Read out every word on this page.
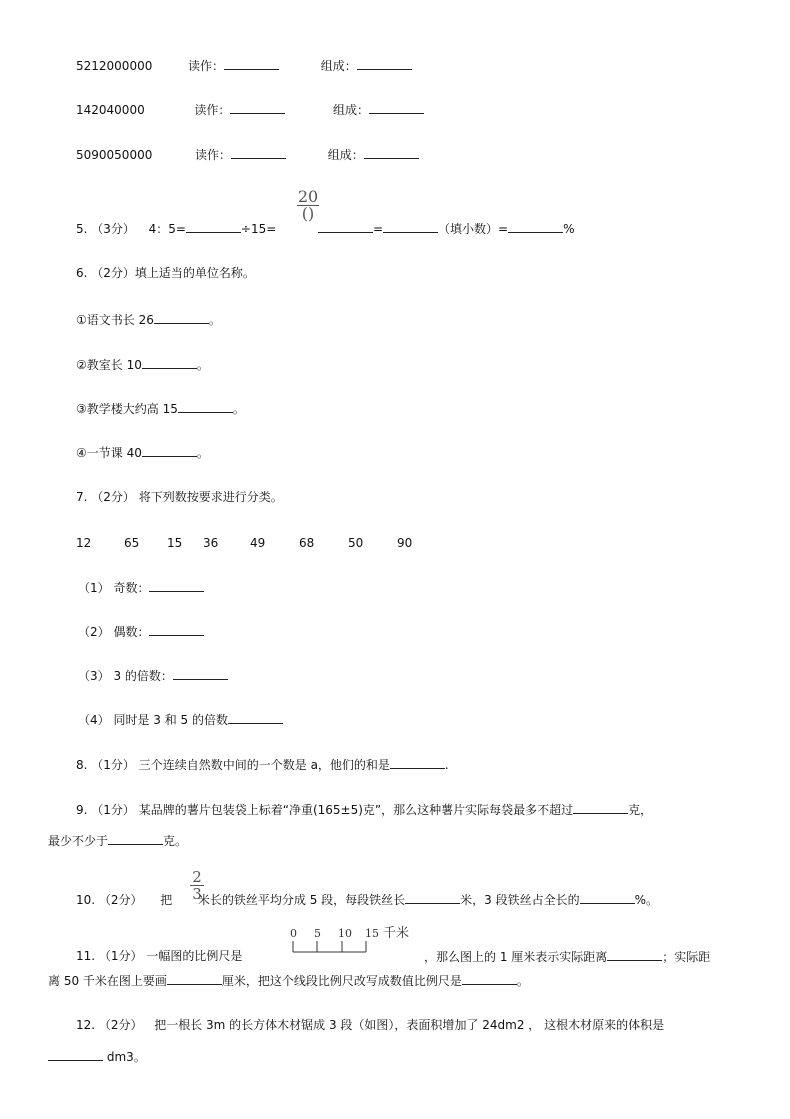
5212000000	读作：	组成：
142040000	读作：	组成：
5090050000	读作：	组成：
20
()
5. （3分） 4：5=	÷15=	=	（填小数）=	%
6. （2分）填上适当的单位名称。
①语文书长 26	。
②教室长 10	。
③教学楼大约高 15	。
④一节课 40	。
7. （2分） 将下列数按要求进行分类。
12	65 15 36	49	68	50	90
（1） 奇数：
（2） 偶数：
（3） 3 的倍数：
（4） 同时是 3 和 5 的倍数
8. （1分） 三个连续自然数中间的一个数是 a，他们的和是	.
9. （1分） 某品牌的薯片包装袋上标着“净重(165±5)克”，那么这种薯片实际每袋最多不超过	克，
最少不少于	克。
2
3
10. （2分） 把 米长的铁丝平均分成 5 段，每段铁丝长	米，3 段铁丝占全长的	%。
0 5 10 15 千米
11. （1分） 一幅图的比例尺是	，那么图上的 1 厘米表示实际距离	；实际距
离 50 千米在图上要画	厘米，把这个线段比例尺改写成数值比例尺是	。
12. （2分） 把一根长 3m 的长方体木材锯成 3 段（如图），表面积增加了 24dm2 ， 这根木材原来的体积是
dm3。
